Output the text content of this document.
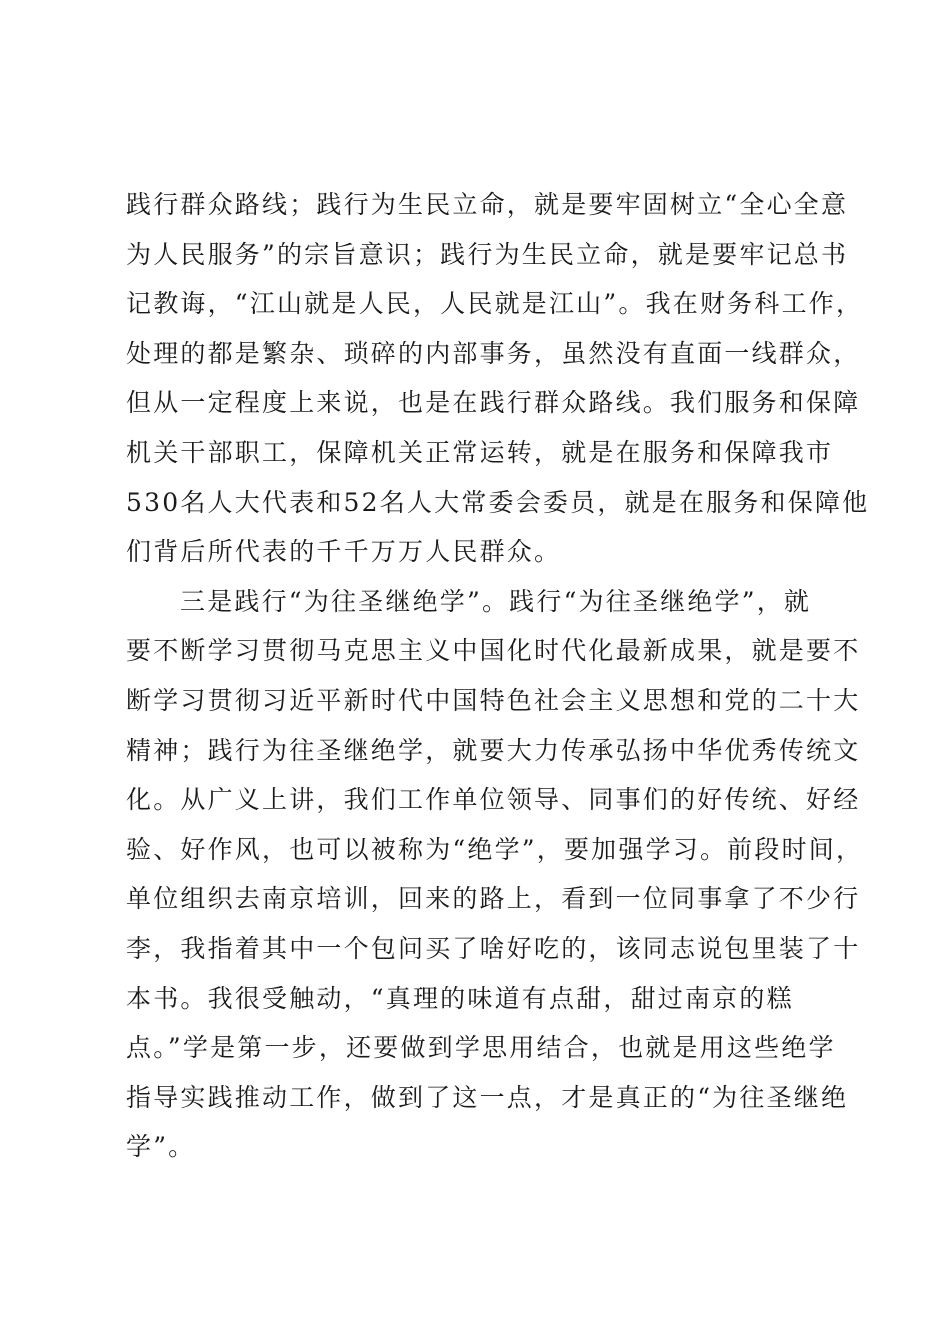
践行群众路线；践行为生民立命，就是要牢固树立“全心全意
为人民服务”的宗旨意识；践行为生民立命，就是要牢记总书
记教诲，“江山就是人民，人民就是江山”。我在财务科工作，
处理的都是繁杂、琐碎的内部事务，虽然没有直面一线群众，
但从一定程度上来说，也是在践行群众路线。我们服务和保障
机关干部职工，保障机关正常运转，就是在服务和保障我市
530名人大代表和52名人大常委会委员，就是在服务和保障他
们背后所代表的千千万万人民群众。
三是践行“为往圣继绝学”。践行“为往圣继绝学”，就
要不断学习贯彻马克思主义中国化时代化最新成果，就是要不
断学习贯彻习近平新时代中国特色社会主义思想和党的二十大
精神；践行为往圣继绝学，就要大力传承弘扬中华优秀传统文
化。从广义上讲，我们工作单位领导、同事们的好传统、好经
验、好作风，也可以被称为“绝学”，要加强学习。前段时间，
单位组织去南京培训，回来的路上，看到一位同事拿了不少行
李，我指着其中一个包问买了啥好吃的，该同志说包里装了十
本书。我很受触动，“真理的味道有点甜，甜过南京的糕
点。”学是第一步，还要做到学思用结合，也就是用这些绝学
指导实践推动工作，做到了这一点，才是真正的“为往圣继绝
学”。
